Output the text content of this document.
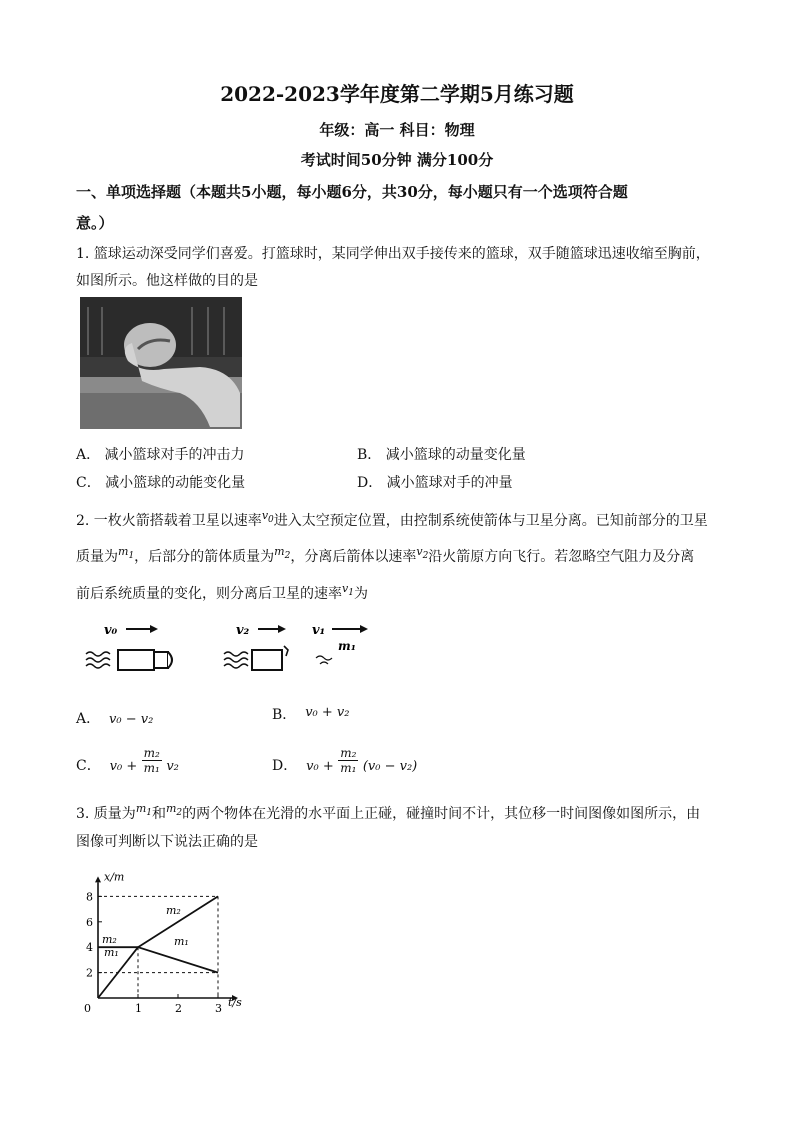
2022-2023学年度第二学期5月练习题
年级：高一 科目：物理
考试时间50分钟 满分100分
一、单项选择题（本题共5小题，每小题6分，共30分，每小题只有一个选项符合题
意。）
1. 篮球运动深受同学们喜爱。打篮球时，某同学伸出双手接传来的篮球，双手随篮球迅速收缩至胸前，
如图所示。他这样做的目的是
A． 减小篮球对手的冲击力	B． 减小篮球的动量变化量
C． 减小篮球的动能变化量	D． 减小篮球对手的冲量
2. 一枚火箭搭载着卫星以速率$^{v_0}$进入太空预定位置，由控制系统使箭体与卫星分离。已知前部分的卫星
质量为$^{m_1}$，后部分的箭体质量为$^{m_2}$，分离后箭体以速率$^{v_2}$沿火箭原方向飞行。若忽略空气阻力及分离
前后系统质量的变化，则分离后卫星的速率$^{v_1}$为
v₀	v₂	v₁
m₁
A． v₀ − v₂	B． v₀ + v₂
C． $v_0 + \frac{\text{m₂}}{\text{m₁}} v_2$	D． $v_0 + \frac{\text{m₂}}{\text{m₁}} (v_0 - v_2)$
3. 质量为$^{m_1}$和$^{m_2}$的两个物体在光滑的水平面上正碰，碰撞时间不计，其位移一时间图像如图所示，由
图像可判断以下说法正确的是
x/m
t/s
2
4
6
8
0	1	2	3
m₂
m₂
m₁
m₁
